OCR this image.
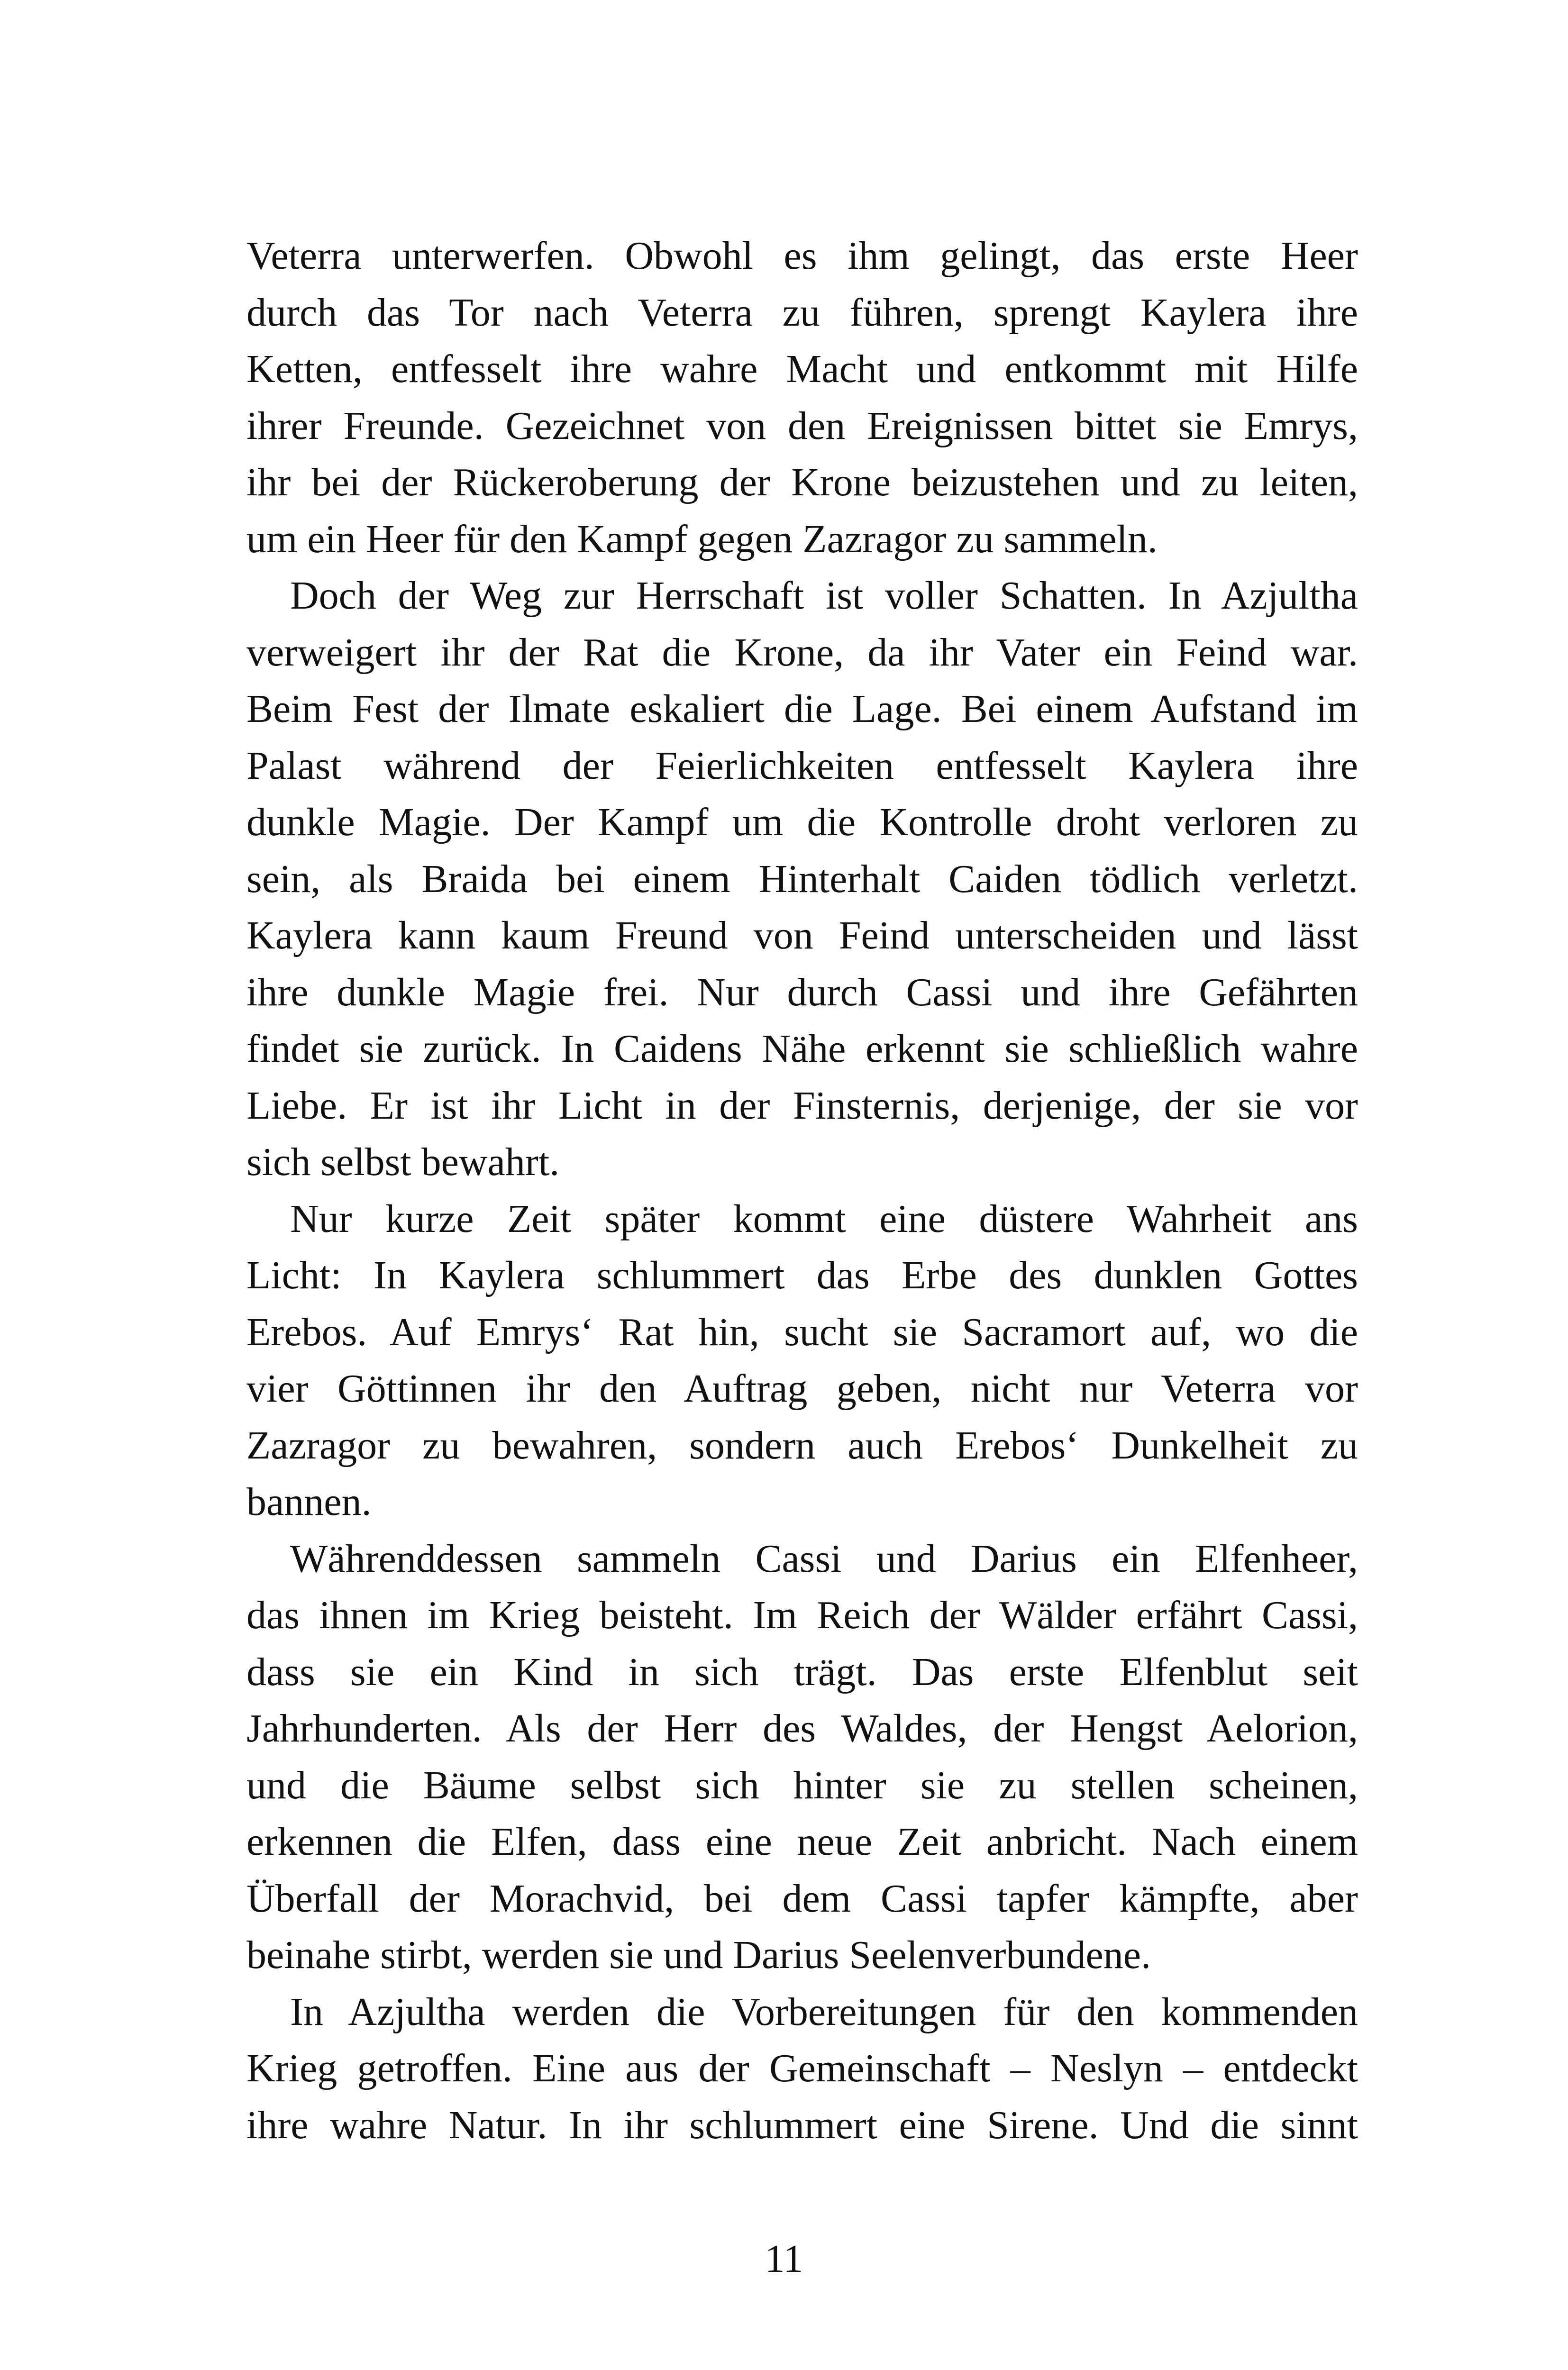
Veterra unterwerfen. Obwohl es ihm gelingt, das erste Heer
durch das Tor nach Veterra zu führen, sprengt Kaylera ihre
Ketten, entfesselt ihre wahre Macht und entkommt mit Hilfe
ihrer Freunde. Gezeichnet von den Ereignissen bittet sie Emrys,
ihr bei der Rückeroberung der Krone beizustehen und zu leiten,
um ein Heer für den Kampf gegen Zazragor zu sammeln.

Doch der Weg zur Herrschaft ist voller Schatten. In Azjultha
verweigert ihr der Rat die Krone, da ihr Vater ein Feind war.
Beim Fest der Ilmate eskaliert die Lage. Bei einem Aufstand im
Palast während der Feierlichkeiten entfesselt Kaylera ihre
dunkle Magie. Der Kampf um die Kontrolle droht verloren zu
sein, als Braida bei einem Hinterhalt Caiden tödlich verletzt.
Kaylera kann kaum Freund von Feind unterscheiden und lässt
ihre dunkle Magie frei. Nur durch Cassi und ihre Gefährten
findet sie zurück. In Caidens Nähe erkennt sie schließlich wahre
Liebe. Er ist ihr Licht in der Finsternis, derjenige, der sie vor
sich selbst bewahrt.

Nur kurze Zeit später kommt eine düstere Wahrheit ans
Licht: In Kaylera schlummert das Erbe des dunklen Gottes
Erebos. Auf Emrys‘ Rat hin, sucht sie Sacramort auf, wo die
vier Göttinnen ihr den Auftrag geben, nicht nur Veterra vor
Zazragor zu bewahren, sondern auch Erebos‘ Dunkelheit zu
bannen.

Währenddessen sammeln Cassi und Darius ein Elfenheer,
das ihnen im Krieg beisteht. Im Reich der Wälder erfährt Cassi,
dass sie ein Kind in sich trägt. Das erste Elfenblut seit
Jahrhunderten. Als der Herr des Waldes, der Hengst Aelorion,
und die Bäume selbst sich hinter sie zu stellen scheinen,
erkennen die Elfen, dass eine neue Zeit anbricht. Nach einem
Überfall der Morachvid, bei dem Cassi tapfer kämpfte, aber
beinahe stirbt, werden sie und Darius Seelenverbundene.

In Azjultha werden die Vorbereitungen für den kommenden
Krieg getroffen. Eine aus der Gemeinschaft – Neslyn – entdeckt
ihre wahre Natur. In ihr schlummert eine Sirene. Und die sinnt

11
